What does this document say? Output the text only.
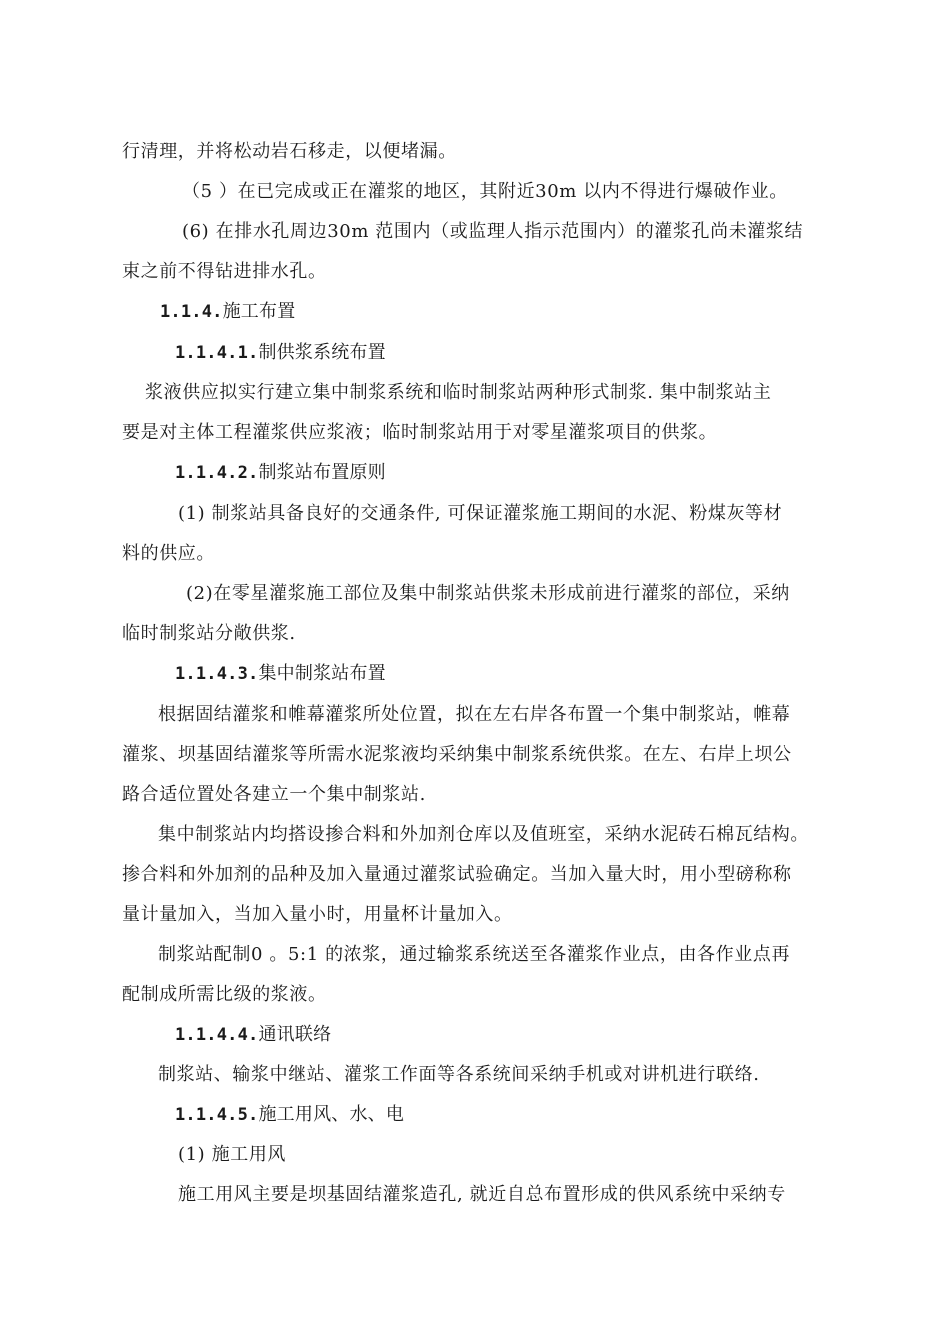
行清理，并将松动岩石移走，以便堵漏。
（5 ）在已完成或正在灌浆的地区，其附近30m 以内不得进行爆破作业。
(6) 在排水孔周边30m 范围内（或监理人指示范围内）的灌浆孔尚未灌浆结
束之前不得钻进排水孔。
1.1.4.施工布置
1.1.4.1.制供浆系统布置
浆液供应拟实行建立集中制浆系统和临时制浆站两种形式制浆. 集中制浆站主
要是对主体工程灌浆供应浆液；临时制浆站用于对零星灌浆项目的供浆。
1.1.4.2.制浆站布置原则
(1) 制浆站具备良好的交通条件, 可保证灌浆施工期间的水泥、粉煤灰等材
料的供应。
(2)在零星灌浆施工部位及集中制浆站供浆未形成前进行灌浆的部位，采纳
临时制浆站分敞供浆.
1.1.4.3.集中制浆站布置
根据固结灌浆和帷幕灌浆所处位置，拟在左右岸各布置一个集中制浆站，帷幕
灌浆、坝基固结灌浆等所需水泥浆液均采纳集中制浆系统供浆。在左、右岸上坝公
路合适位置处各建立一个集中制浆站.
集中制浆站内均搭设掺合料和外加剂仓库以及值班室，采纳水泥砖石棉瓦结构。
掺合料和外加剂的品种及加入量通过灌浆试验确定。当加入量大时，用小型磅称称
量计量加入，当加入量小时，用量杯计量加入。
制浆站配制0 。5:1 的浓浆，通过输浆系统送至各灌浆作业点，由各作业点再
配制成所需比级的浆液。
1.1.4.4.通讯联络
制浆站、输浆中继站、灌浆工作面等各系统间采纳手机或对讲机进行联络.
1.1.4.5.施工用风、水、电
(1) 施工用风
施工用风主要是坝基固结灌浆造孔, 就近自总布置形成的供风系统中采纳专
